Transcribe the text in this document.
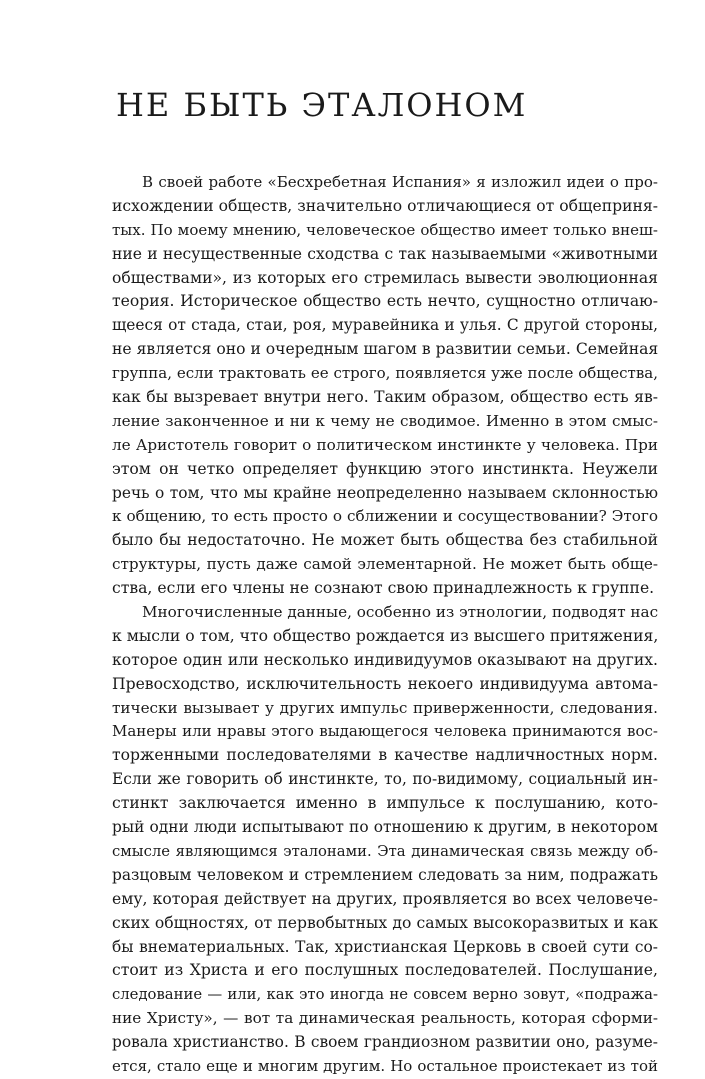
НЕ БЫТЬ ЭТАЛОНОМ
В своей работе «Бесхребетная Испания» я изложил идеи о про-
исхождении обществ, значительно отличающиеся от общеприня-
тых. По моему мнению, человеческое общество имеет только внеш-
ние и несущественные сходства с так называемыми «животными
обществами», из которых его стремилась вывести эволюционная
теория. Историческое общество есть нечто, сущностно отличаю-
щееся от стада, стаи, роя, муравейника и улья. С другой стороны,
не является оно и очередным шагом в развитии семьи. Семейная
группа, если трактовать ее строго, появляется уже после общества,
как бы вызревает внутри него. Таким образом, общество есть яв-
ление законченное и ни к чему не сводимое. Именно в этом смыс-
ле Аристотель говорит о политическом инстинкте у человека. При
этом он четко определяет функцию этого инстинкта. Неужели
речь о том, что мы крайне неопределенно называем склонностью
к общению, то есть просто о сближении и сосуществовании? Этого
было бы недостаточно. Не может быть общества без стабильной
структуры, пусть даже самой элементарной. Не может быть обще-
ства, если его члены не сознают свою принадлежность к группе.
Многочисленные данные, особенно из этнологии, подводят нас
к мысли о том, что общество рождается из высшего притяжения,
которое один или несколько индивидуумов оказывают на других.
Превосходство, исключительность некоего индивидуума автома-
тически вызывает у других импульс приверженности, следования.
Манеры или нравы этого выдающегося человека принимаются вос-
торженными последователями в качестве надличностных норм.
Если же говорить об инстинкте, то, по-видимому, социальный ин-
стинкт заключается именно в импульсе к послушанию, кото-
рый одни люди испытывают по отношению к другим, в некотором
смысле являющимся эталонами. Эта динамическая связь между об-
разцовым человеком и стремлением следовать за ним, подражать
ему, которая действует на других, проявляется во всех человече-
ских общностях, от первобытных до самых высокоразвитых и как
бы внематериальных. Так, христианская Церковь в своей сути со-
стоит из Христа и его послушных последователей. Послушание,
следование — или, как это иногда не совсем верно зовут, «подража-
ние Христу», — вот та динамическая реальность, которая сформи-
ровала христианство. В своем грандиозном развитии оно, разуме-
ется, стало еще и многим другим. Но остальное проистекает из той
